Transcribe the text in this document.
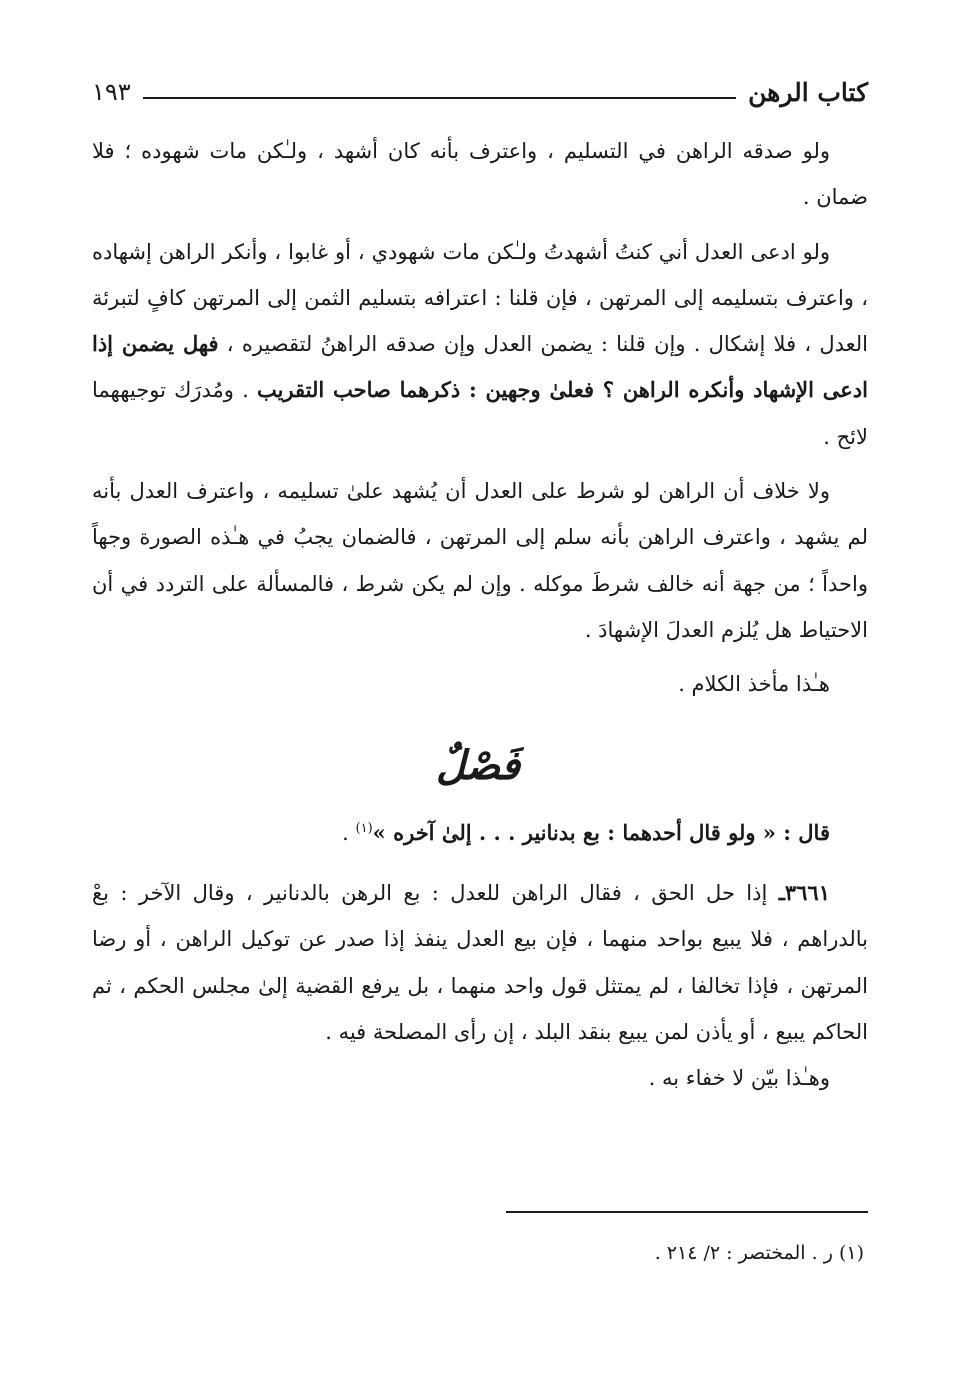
كتاب الرهن
١٩٣

ولو صدقه الراهن في التسليم ، واعترف بأنه كان أشهد ، ولـٰكن مات شهوده ؛ فلا ضمان .

ولو ادعى العدل أني كنتُ أشهدتُ ولـٰكن مات شهودي ، أو غابوا ، وأنكر الراهن إشهاده ، واعترف بتسليمه إلى المرتهن ، فإن قلنا : اعترافه بتسليم الثمن إلى المرتهن كافٍ لتبرئة العدل ، فلا إشكال . وإن قلنا : يضمن العدل وإن صدقه الراهنُ لتقصيره ، فهل يضمن إذا ادعى الإشهاد وأنكره الراهن ؟ فعلىٰ وجهين : ذكرهما صاحب التقريب . ومُدرَك توجيههما لائح .

ولا خلاف أن الراهن لو شرط على العدل أن يُشهد علىٰ تسليمه ، واعترف العدل بأنه لم يشهد ، واعترف الراهن بأنه سلم إلى المرتهن ، فالضمان يجبُ في هـٰذه الصورة وجهاً واحداً ؛ من جهة أنه خالف شرطَ موكله . وإن لم يكن شرط ، فالمسألة على التردد في أن الاحتياط هل يُلزم العدلَ الإشهادَ .

هـٰذا مأخذ الكلام .

فَصْلٌ

قال : « ولو قال أحدهما : بع بدنانير . . . إلىٰ آخره »$^{(١)}$ .

٣٦٦١ـ إذا حل الحق ، فقال الراهن للعدل : بع الرهن بالدنانير ، وقال الآخر : بعْ بالدراهم ، فلا يبيع بواحد منهما ، فإن بيع العدل ينفذ إذا صدر عن توكيل الراهن ، أو رضا المرتهن ، فإذا تخالفا ، لم يمتثل قول واحد منهما ، بل يرفع القضية إلىٰ مجلس الحكم ، ثم الحاكم يبيع ، أو يأذن لمن يبيع بنقد البلد ، إن رأى المصلحة فيه .

وهـٰذا بيّن لا خفاء به .

(١) ر . المختصر : ٢/ ٢١٤ .
